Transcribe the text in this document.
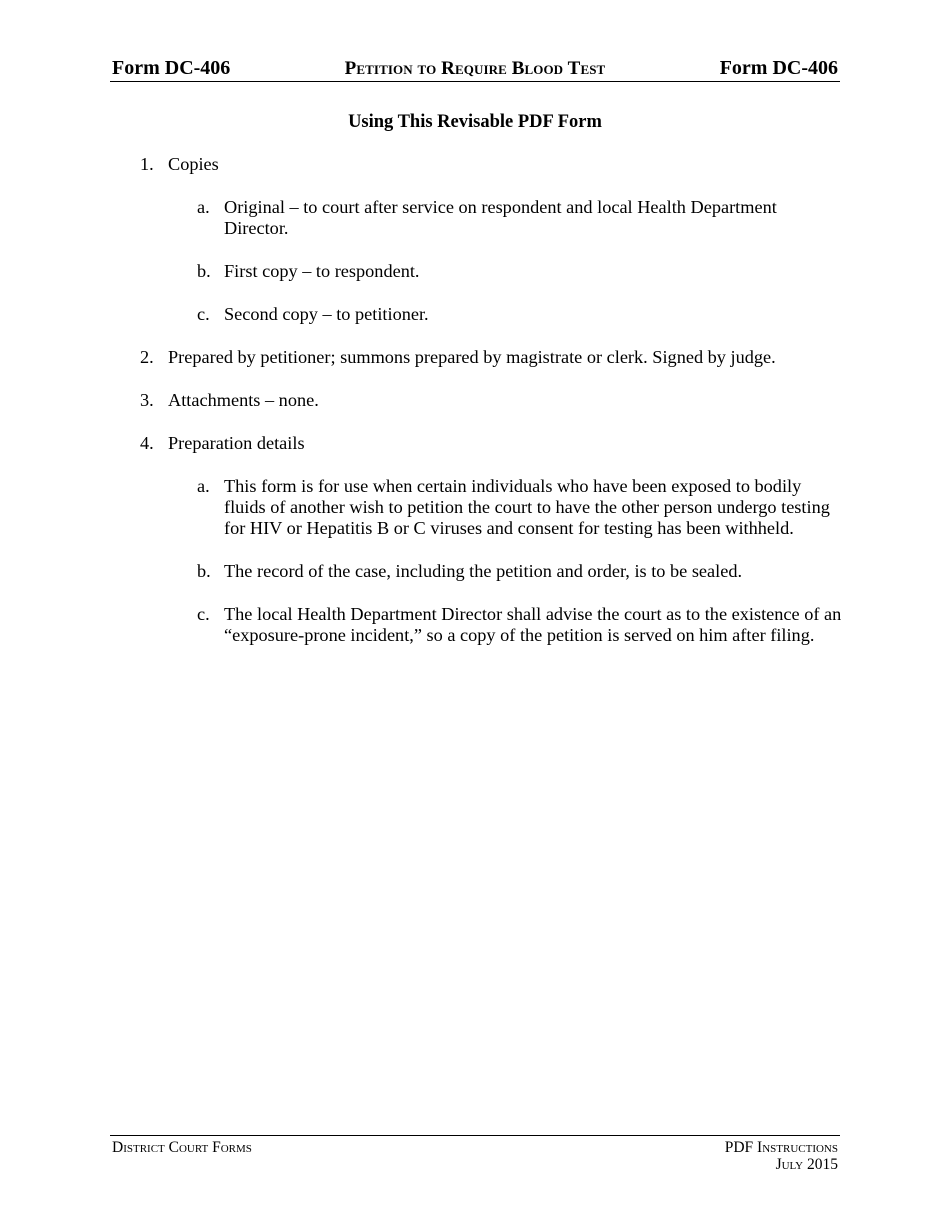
Form DC-406	Petition to Require Blood Test	Form DC-406
Using This Revisable PDF Form
1. Copies
a. Original – to court after service on respondent and local Health Department Director.
b. First copy – to respondent.
c. Second copy – to petitioner.
2. Prepared by petitioner; summons prepared by magistrate or clerk. Signed by judge.
3. Attachments – none.
4. Preparation details
a. This form is for use when certain individuals who have been exposed to bodily fluids of another wish to petition the court to have the other person undergo testing for HIV or Hepatitis B or C viruses and consent for testing has been withheld.
b. The record of the case, including the petition and order, is to be sealed.
c. The local Health Department Director shall advise the court as to the existence of an “exposure-prone incident,” so a copy of the petition is served on him after filing.
District Court Forms	PDF Instructions
July 2015
